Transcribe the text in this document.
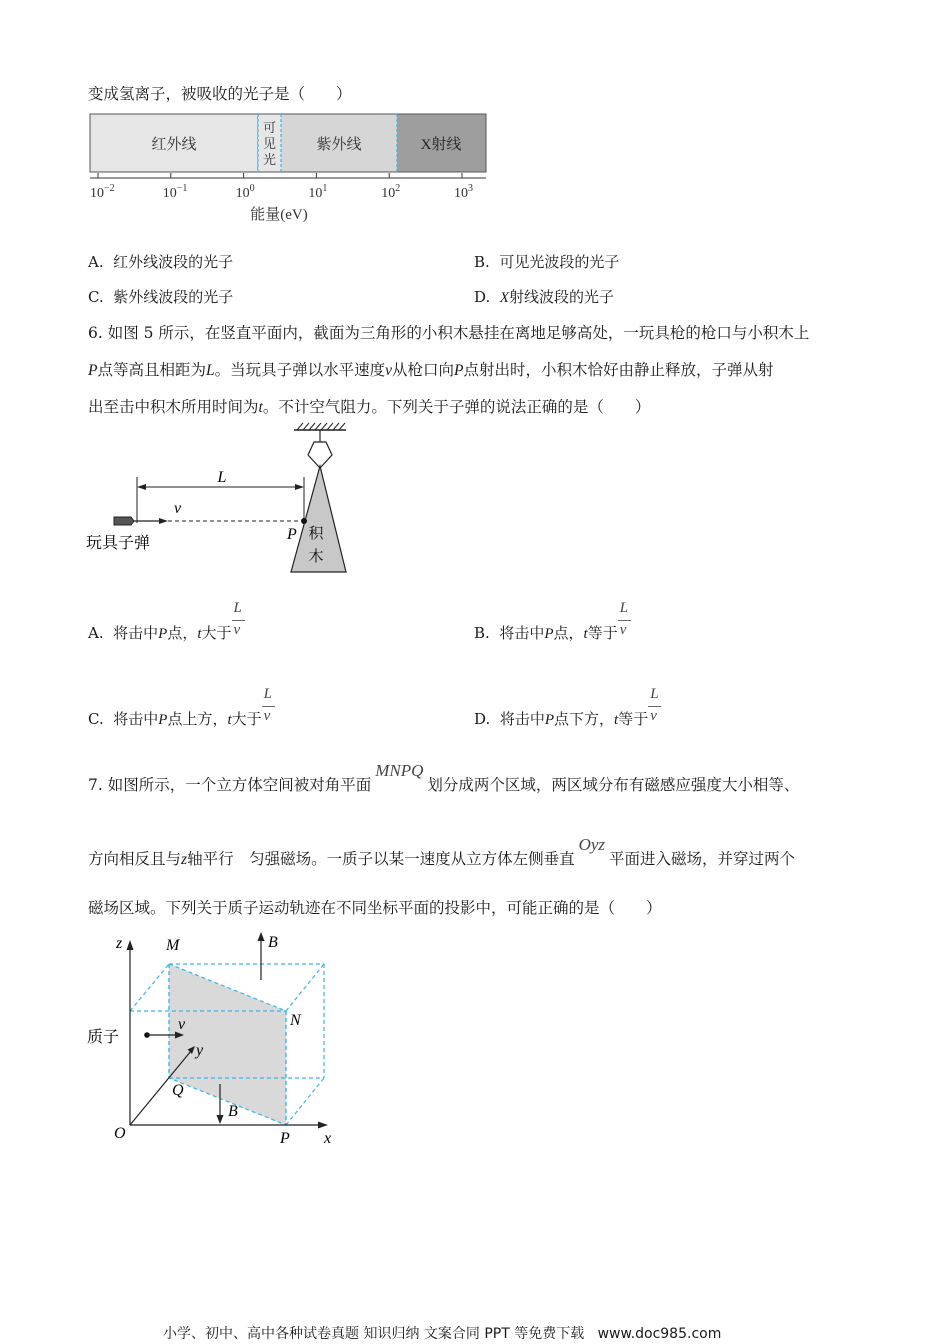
变成氢离子，被吸收的光子是（　　）
红外线
可
见
光
紫外线	X射线
$10^{-2}$	$10^{-1}$	$10^0$	$10^1$	$10^2$	$10^3$
能量(eV)
A. 红外线波段的光子	B. 可见光波段的光子
C. 紫外线波段的光子	D. X射线波段的光子
6. 如图 5 所示，在竖直平面内，截面为三角形的小积木悬挂在离地足够高处，一玩具枪的枪口与小积木上
P点等高且相距为L。当玩具子弹以水平速度v从枪口向P点射出时，小积木恰好由静止释放，子弹从射
出至击中积木所用时间为t。不计空气阻力。下列关于子弹的说法正确的是（　　）
积
木
L
v
P
玩具子弹
A. 将击中P点，t大于 $\frac{L}{v}$	B. 将击中P点，t等于 $\frac{L}{v}$
C. 将击中P点上方，t大于 $\frac{L}{v}$	D. 将击中P点下方，t等于 $\frac{L}{v}$
7. 如图所示，一个立方体空间被对角平面MNPQ划分成两个区域，两区域分布有磁感应强度大小相等、
方向相反且与z轴平行　匀强磁场。一质子以某一速度从立方体左侧垂直Oyz平面进入磁场，并穿过两个
磁场区域。下列关于质子运动轨迹在不同坐标平面的投影中，可能正确的是（　　）
z	M	B
N
质子
v
y
Q
B
O	P x
小学、初中、高中各种试卷真题 知识归纳 文案合同 PPT 等免费下载 www.doc985.com
